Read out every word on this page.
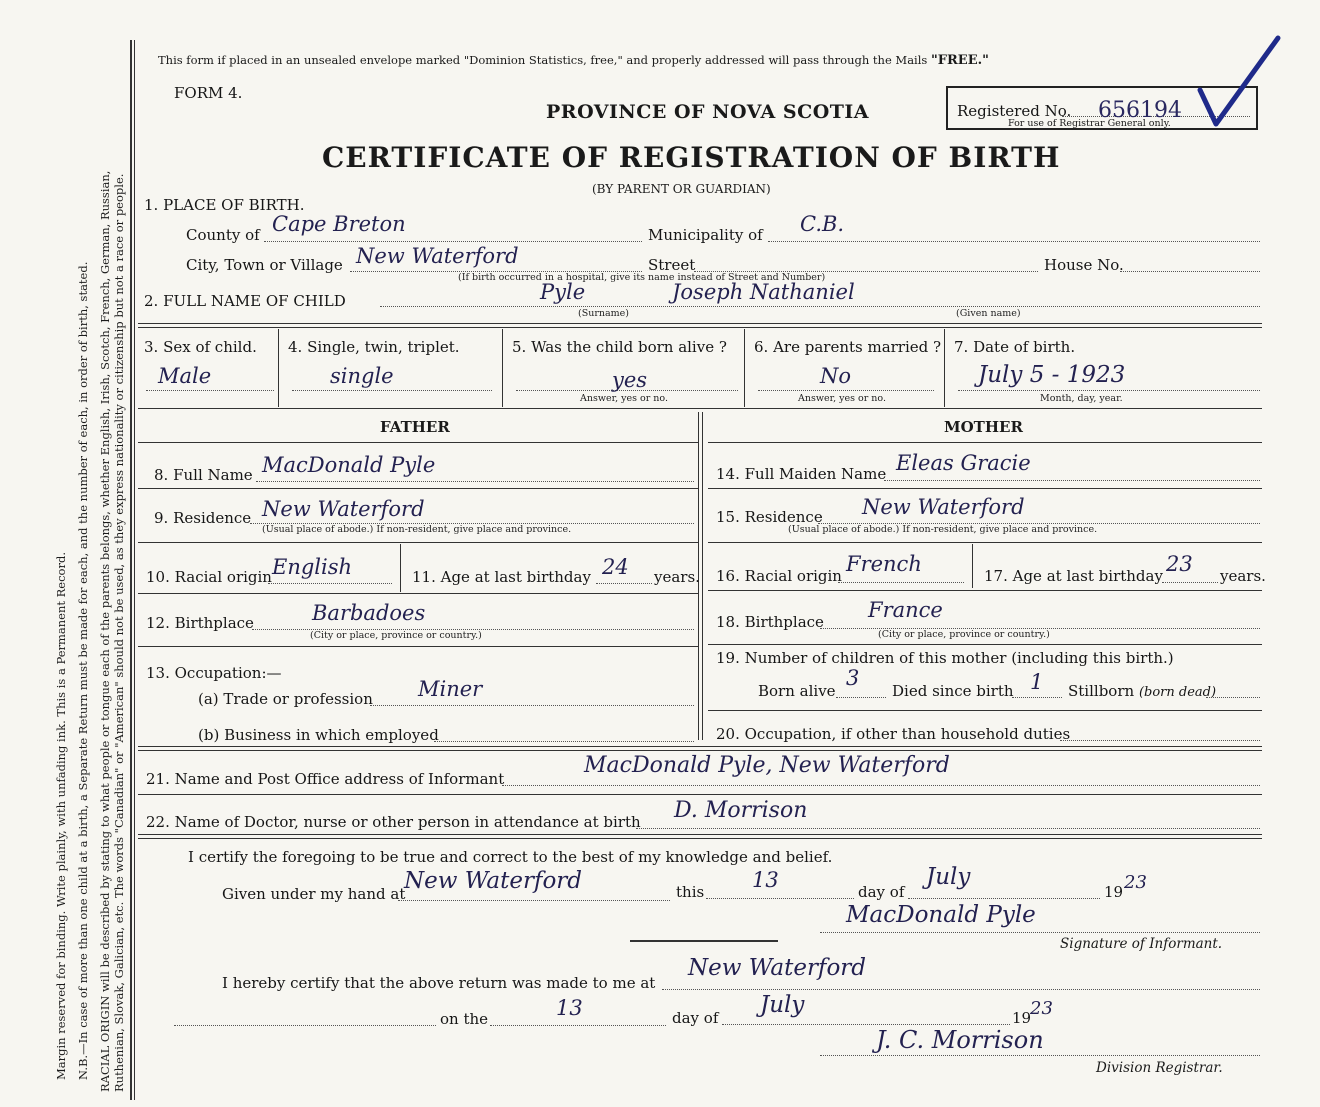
Margin reserved for binding. Write plainly, with unfading ink. This is a Permanent Record. N.B.—In case of more than one child at a birth, a Separate Return must be made for each, and the number of each, in order of birth, stated. RACIAL ORIGIN will be described by stating to what people or tongue each of the parents belongs, whether English, Irish, Scotch, French, German, Russian, Ruthenian, Slovak, Galician, etc. The words "Canadian" or "American" should not be used, as they express nationality or citizenship but not a race or people.
This form if placed in an unsealed envelope marked "Dominion Statistics, free," and properly addressed will pass through the Mails "FREE."
FORM 4.
PROVINCE OF NOVA SCOTIA	Registered No. 656194
For use of Registrar General only.
CERTIFICATE OF REGISTRATION OF BIRTH
(BY PARENT OR GUARDIAN)
1. PLACE OF BIRTH.
County of Cape Breton	Municipality of C.B.
City, Town or Village New Waterford	Street	House No.
(If birth occurred in a hospital, give its name instead of Street and Number)
2. FULL NAME OF CHILD	Pyle	Joseph Nathaniel
(Surname)	(Given name)
3. Sex of child.
Male
4. Single, twin, triplet.
single
5. Was the child born alive ?
yes
Answer, yes or no.
6. Are parents married ?
No
Answer, yes or no.
7. Date of birth.
July 5 - 1923
Month, day, year.
FATHER	MOTHER
8. Full Name MacDonald Pyle
9. Residence New Waterford
(Usual place of abode.) If non-resident, give place and province.
10. Racial origin English	11. Age at last birthday 24 years.
12. Birthplace	Barbadoes
(City or place, province or country.)
13. Occupation:—
(a) Trade or profession Miner
(b) Business in which employed
14. Full Maiden Name Eleas Gracie
15. Residence New Waterford
(Usual place of abode.) If non-resident, give place and province.
16. Racial origin French	17. Age at last birthday 23 years.
18. Birthplace France
(City or place, province or country.)
19. Number of children of this mother (including this birth.)
Born alive
3
Died since birth 1 Stillborn (born dead)
20. Occupation, if other than household duties
21. Name and Post Office address of Informant
MacDonald Pyle, New Waterford
22. Name of Doctor, nurse or other person in attendance at birth D. Morrison
I certify the foregoing to be true and correct to the best of my knowledge and belief.
Given under my hand at
New Waterford	this 13	day of
July
19 23
MacDonald Pyle
Signature of Informant.
I hereby certify that the above return was made to me at
New Waterford
on the	13	day of July	19
23
J. C. Morrison
Division Registrar.
